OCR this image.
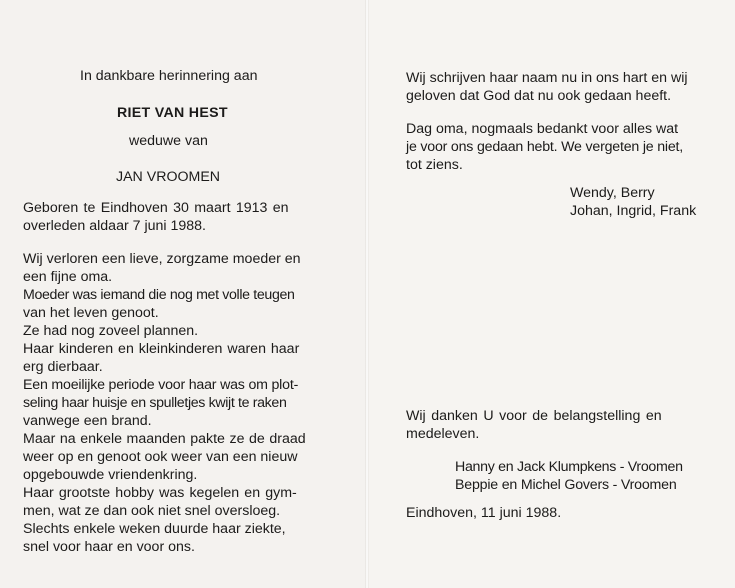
In dankbare herinnering aan
RIET VAN HEST
weduwe van
JAN VROOMEN
Geboren te Eindhoven 30 maart 1913 en
overleden aldaar 7 juni 1988.
Wij verloren een lieve, zorgzame moeder en
een fijne oma.
Moeder was iemand die nog met volle teugen
van het leven genoot.
Ze had nog zoveel plannen.
Haar kinderen en kleinkinderen waren haar
erg dierbaar.
Een moeilijke periode voor haar was om plot-
seling haar huisje en spulletjes kwijt te raken
vanwege een brand.
Maar na enkele maanden pakte ze de draad
weer op en genoot ook weer van een nieuw
opgebouwde vriendenkring.
Haar grootste hobby was kegelen en gym-
men, wat ze dan ook niet snel oversloeg.
Slechts enkele weken duurde haar ziekte,
snel voor haar en voor ons.
Wij schrijven haar naam nu in ons hart en wij
geloven dat God dat nu ook gedaan heeft.
Dag oma, nogmaals bedankt voor alles wat
je voor ons gedaan hebt. We vergeten je niet,
tot ziens.
Wendy, Berry
Johan, Ingrid, Frank
Wij danken U voor de belangstelling en
medeleven.
Hanny en Jack Klumpkens - Vroomen
Beppie en Michel Govers - Vroomen
Eindhoven, 11 juni 1988.
